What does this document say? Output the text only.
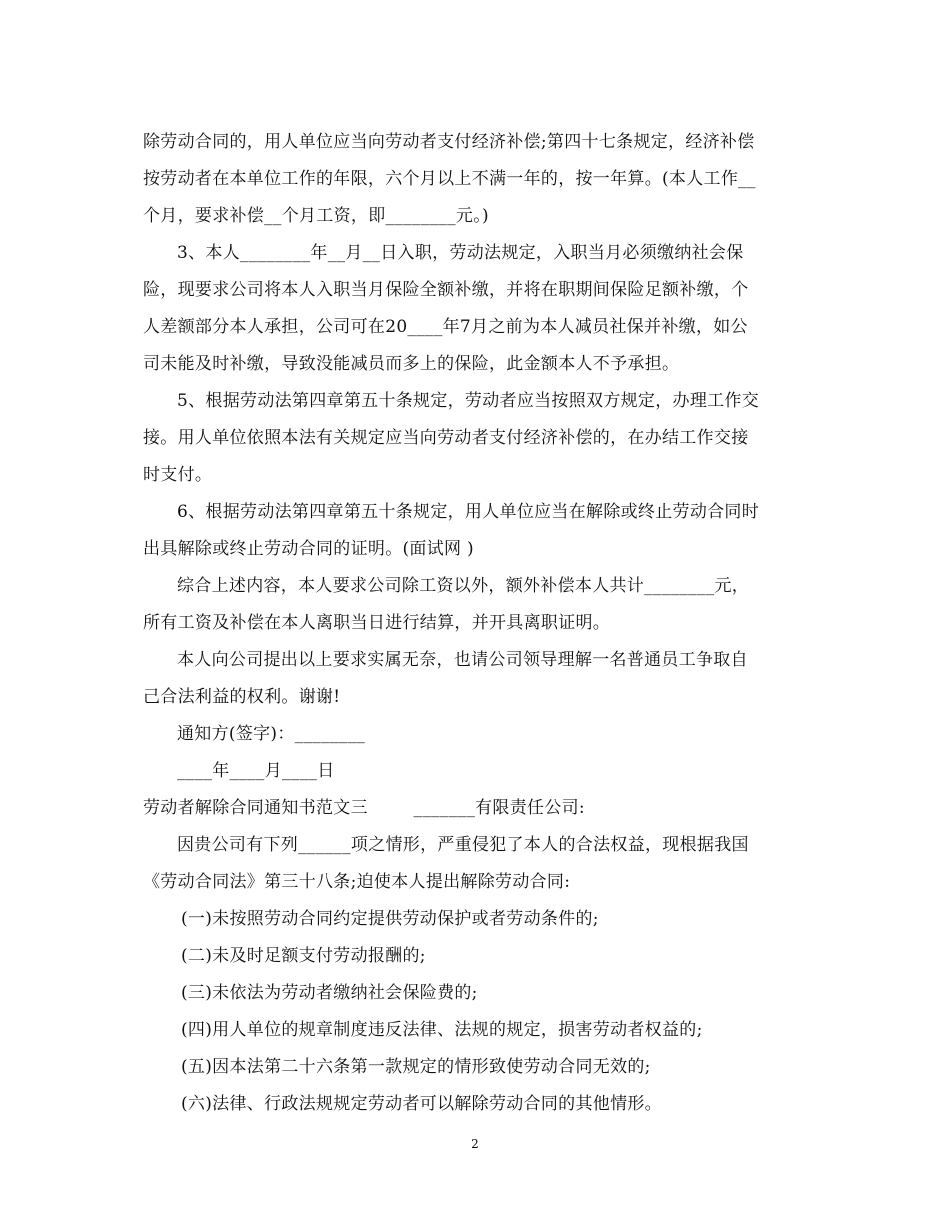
除劳动合同的，用人单位应当向劳动者支付经济补偿;第四十七条规定，经济补偿
按劳动者在本单位工作的年限，六个月以上不满一年的，按一年算。(本人工作__
个月，要求补偿__个月工资，即________元。)
3、本人________年__月__日入职，劳动法规定，入职当月必须缴纳社会保
险，现要求公司将本人入职当月保险全额补缴，并将在职期间保险足额补缴，个
人差额部分本人承担，公司可在20____年7月之前为本人减员社保并补缴，如公
司未能及时补缴，导致没能减员而多上的保险，此金额本人不予承担。
5、根据劳动法第四章第五十条规定，劳动者应当按照双方规定，办理工作交
接。用人单位依照本法有关规定应当向劳动者支付经济补偿的，在办结工作交接
时支付。
6、根据劳动法第四章第五十条规定，用人单位应当在解除或终止劳动合同时
出具解除或终止劳动合同的证明。(面试网 )
综合上述内容，本人要求公司除工资以外，额外补偿本人共计________元，
所有工资及补偿在本人离职当日进行结算，并开具离职证明。
本人向公司提出以上要求实属无奈，也请公司领导理解一名普通员工争取自
己合法利益的权利。谢谢!
通知方(签字)：________
____年____月____日
劳动者解除合同通知书范文三        _______有限责任公司:
因贵公司有下列______项之情形，严重侵犯了本人的合法权益，现根据我国
《劳动合同法》第三十八条;迫使本人提出解除劳动合同:
(一)未按照劳动合同约定提供劳动保护或者劳动条件的;
(二)未及时足额支付劳动报酬的;
(三)未依法为劳动者缴纳社会保险费的;
(四)用人单位的规章制度违反法律、法规的规定，损害劳动者权益的;
(五)因本法第二十六条第一款规定的情形致使劳动合同无效的;
(六)法律、行政法规规定劳动者可以解除劳动合同的其他情形。
2
